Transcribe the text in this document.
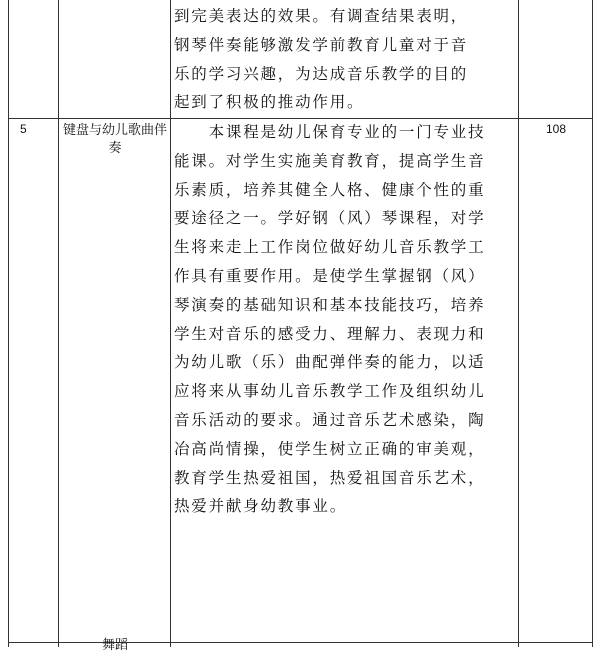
到完美表达的效果。有调查结果表明，
钢琴伴奏能够激发学前教育儿童对于音
乐的学习兴趣，为达成音乐教学的目的
起到了积极的推动作用。
5	键盘与幼儿歌曲伴奏
108
　　本课程是幼儿保育专业的一门专业技
能课。对学生实施美育教育，提高学生音
乐素质，培养其健全人格、健康个性的重
要途径之一。学好钢（风）琴课程，对学
生将来走上工作岗位做好幼儿音乐教学工
作具有重要作用。是使学生掌握钢（风）
琴演奏的基础知识和基本技能技巧，培养
学生对音乐的感受力、理解力、表现力和
为幼儿歌（乐）曲配弹伴奏的能力，以适
应将来从事幼儿音乐教学工作及组织幼儿
音乐活动的要求。通过音乐艺术感染，陶
冶高尚情操，使学生树立正确的审美观，
教育学生热爱祖国，热爱祖国音乐艺术，
热爱并献身幼教事业。
舞蹈
